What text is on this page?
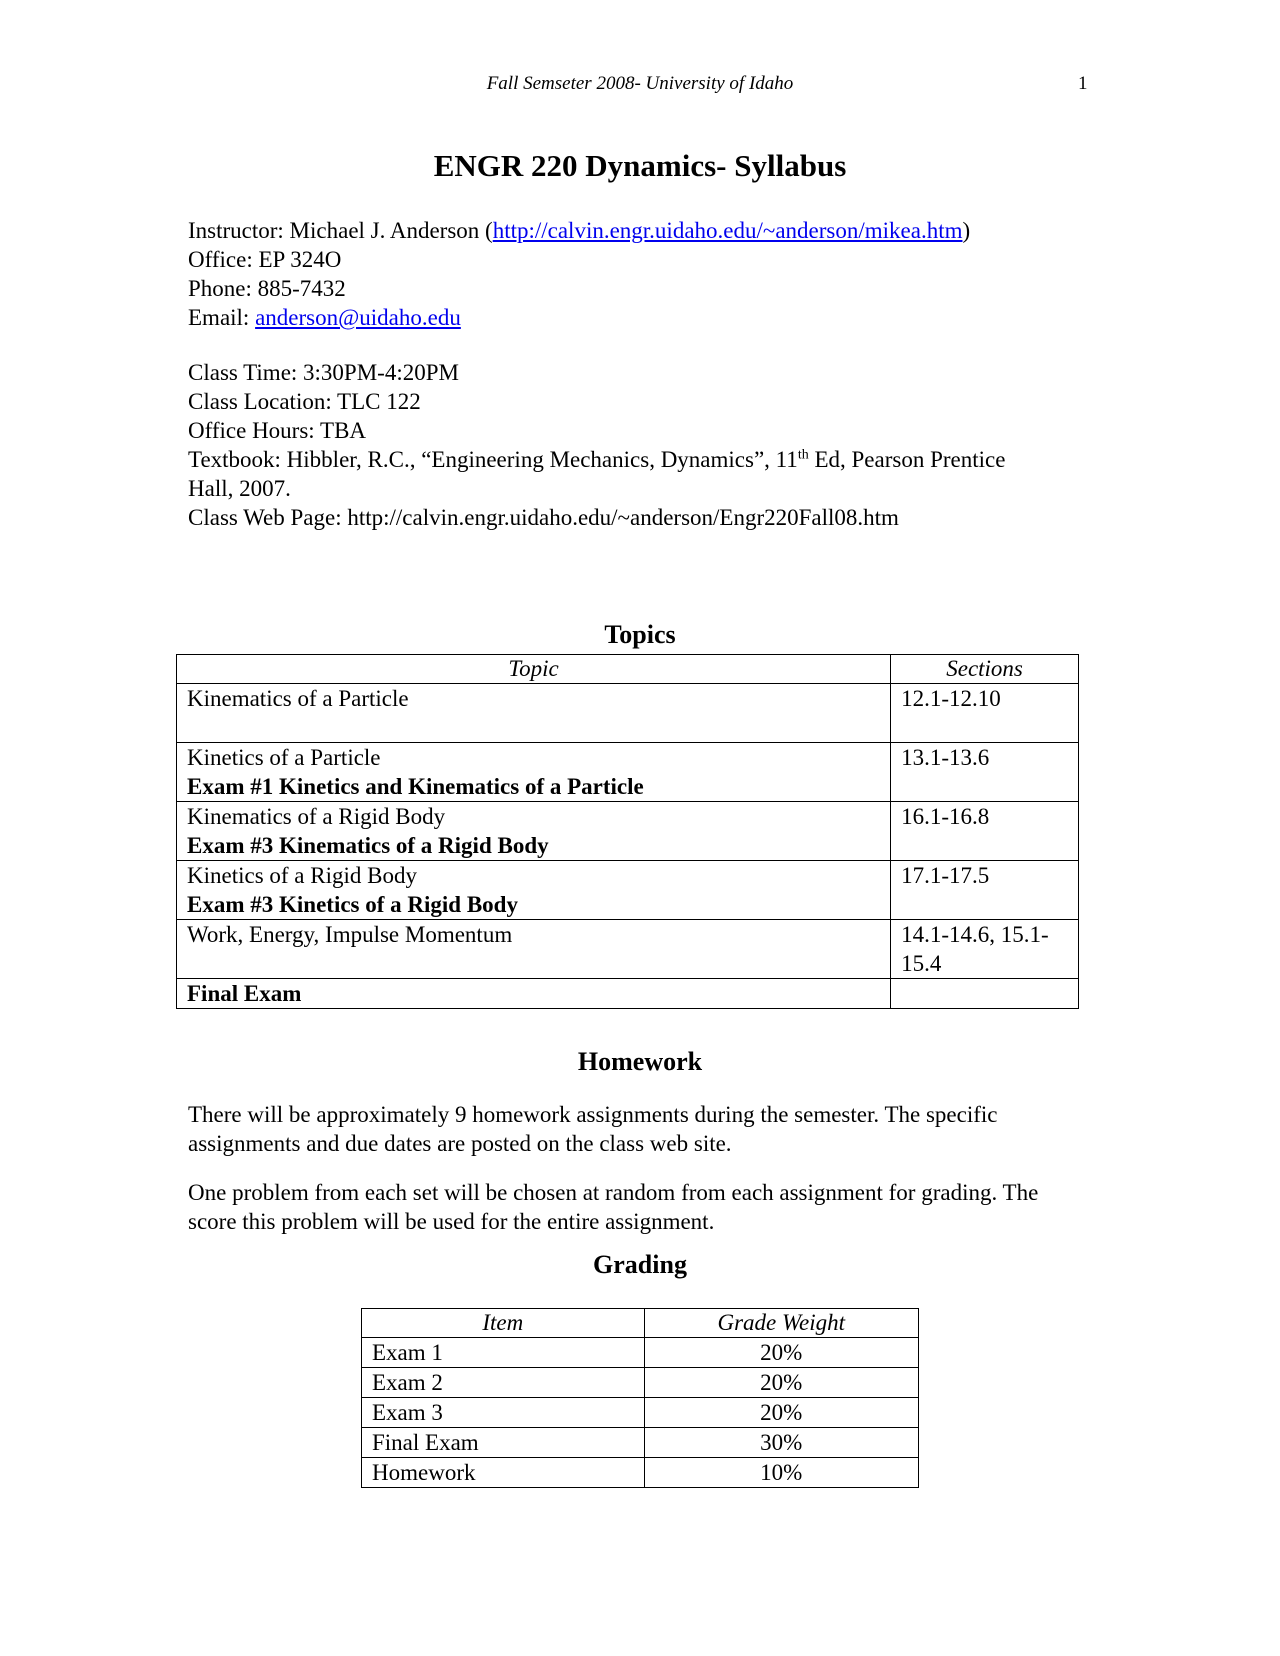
Fall Semseter 2008- University of Idaho	1
ENGR 220 Dynamics- Syllabus
Instructor: Michael J. Anderson (http://calvin.engr.uidaho.edu/~anderson/mikea.htm)
Office: EP 324O
Phone: 885-7432
Email: anderson@uidaho.edu
Class Time: 3:30PM-4:20PM
Class Location: TLC 122
Office Hours: TBA
Textbook: Hibbler, R.C., “Engineering Mechanics, Dynamics”, 11th Ed, Pearson Prentice
Hall, 2007.
Class Web Page: http://calvin.engr.uidaho.edu/~anderson/Engr220Fall08.htm
Topics
Topic	Sections

Kinematics of a Particle	12.1-12.10

Kinetics of a Particle
Exam #1 Kinetics and Kinematics of a Particle	13.1-13.6

Kinematics of a Rigid Body
Exam #3 Kinematics of a Rigid Body	16.1-16.8

Kinetics of a Rigid Body
Exam #3 Kinetics of a Rigid Body	17.1-17.5

Work, Energy, Impulse Momentum	14.1-14.6, 15.1-
15.4
Final Exam	
Homework
There will be approximately 9 homework assignments during the semester. The specific assignments and due dates are posted on the class web site.
One problem from each set will be chosen at random from each assignment for grading. The score this problem will be used for the entire assignment.
Grading
Item	Grade Weight
Exam 1	20%
Exam 2	20%
Exam 3	20%
Final Exam	30%
Homework	10%
